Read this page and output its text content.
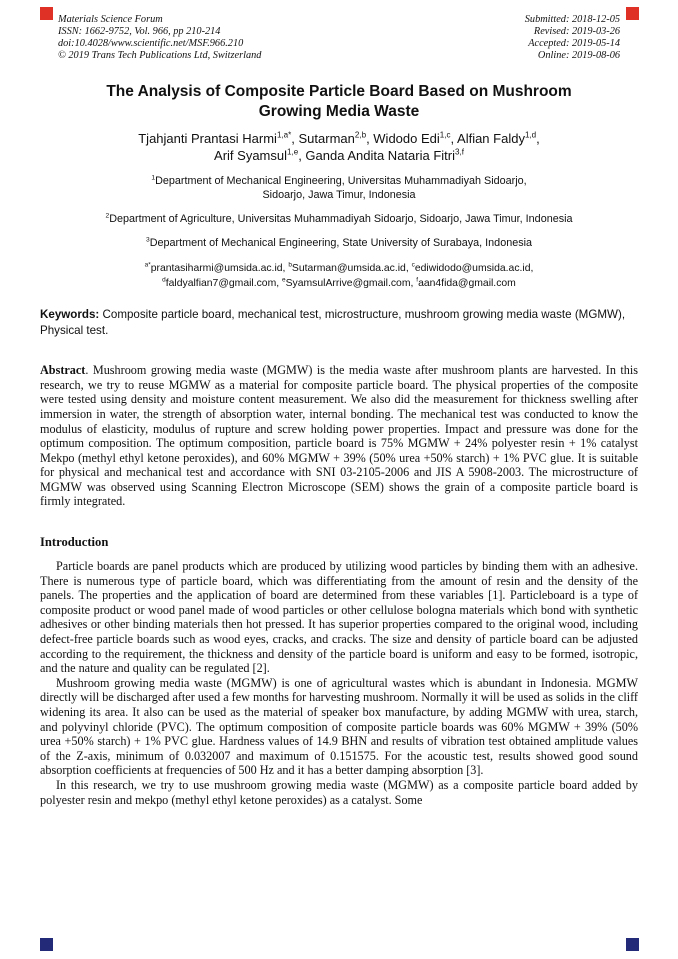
Materials Science Forum
ISSN: 1662-9752, Vol. 966, pp 210-214
doi:10.4028/www.scientific.net/MSF.966.210
© 2019 Trans Tech Publications Ltd, Switzerland
Submitted: 2018-12-05
Revised: 2019-03-26
Accepted: 2019-05-14
Online: 2019-08-06
The Analysis of Composite Particle Board Based on Mushroom
Growing Media Waste
Tjahjanti Prantasi Harmi$^{1,a*}$, Sutarman$^{2,b}$, Widodo Edi$^{1,c}$, Alfian Faldy$^{1,d}$,
Arif Syamsul$^{1,e}$, Ganda Andita Nataria Fitri$^{3,f}$
$^1$Department of Mechanical Engineering, Universitas Muhammadiyah Sidoarjo,
Sidoarjo, Jawa Timur, Indonesia
$^2$Department of Agriculture, Universitas Muhammadiyah Sidoarjo, Sidoarjo, Jawa Timur, Indonesia
$^3$Department of Mechanical Engineering, State University of Surabaya, Indonesia
$^{a*}$prantasiharmi@umsida.ac.id, $^b$Sutarman@umsida.ac.id, $^c$ediwidodo@umsida.ac.id,
$^d$faldyalfian7@gmail.com, $^e$SyamsulArrive@gmail.com, $^f$aan4fida@gmail.com

Keywords: Composite particle board, mechanical test, microstructure, mushroom growing media waste (MGMW), Physical test.

Abstract. Mushroom growing media waste (MGMW) is the media waste after mushroom plants are harvested. In this research, we try to reuse MGMW as a material for composite particle board. The physical properties of the composite were tested using density and moisture content measurement. We also did the measurement for thickness swelling after immersion in water, the strength of absorption water, internal bonding. The mechanical test was conducted to know the modulus of elasticity, modulus of rupture and screw holding power properties. Impact and pressure was done for the optimum composition. The optimum composition, particle board is 75% MGMW + 24% polyester resin + 1% catalyst Mekpo (methyl ethyl ketone peroxides), and 60% MGMW + 39% (50% urea +50% starch) + 1% PVC glue. It is suitable for physical and mechanical test and accordance with SNI 03-2105-2006 and JIS A 5908-2003. The microstructure of MGMW was observed using Scanning Electron Microscope (SEM) shows the grain of a composite particle board is firmly integrated.

Introduction

Particle boards are panel products which are produced by utilizing wood particles by binding them with an adhesive. There is numerous type of particle board, which was differentiating from the amount of resin and the density of the panels. The properties and the application of board are determined from these variables [1]. Particleboard is a type of composite product or wood panel made of wood particles or other cellulose bologna materials which bond with synthetic adhesives or other binding materials then hot pressed. It has superior properties compared to the original wood, including defect-free particle boards such as wood eyes, cracks, and cracks. The size and density of particle board can be adjusted according to the requirement, the thickness and density of the particle board is uniform and easy to be formed, isotropic, and the nature and quality can be regulated [2].

Mushroom growing media waste (MGMW) is one of agricultural wastes which is abundant in Indonesia. MGMW directly will be discharged after used a few months for harvesting mushroom. Normally it will be used as solids in the cliff widening its area. It also can be used as the material of speaker box manufacture, by adding MGMW with urea, starch, and polyvinyl chloride (PVC). The optimum composition of composite particle boards was 60% MGMW + 39% (50% urea +50% starch) + 1% PVC glue. Hardness values of 14.9 BHN and results of vibration test obtained amplitude values of the Z-axis, minimum of 0.032007 and maximum of 0.151575. For the acoustic test, results showed good sound absorption coefficients at frequencies of 500 Hz and it has a better damping absorption [3].

In this research, we try to use mushroom growing media waste (MGMW) as a composite particle board added by polyester resin and mekpo (methyl ethyl ketone peroxides) as a catalyst. Some
